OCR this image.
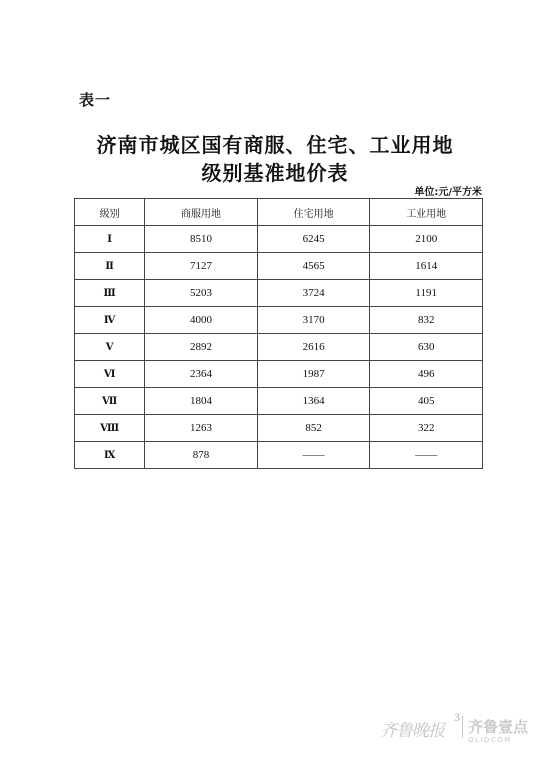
表一
济南市城区国有商服、住宅、工业用地
级别基准地价表
单位:元/平方米
级别	商服用地	住宅用地	工业用地
Ⅰ	8510	6245	2100
Ⅱ	7127	4565	1614
Ⅲ	5203	3724	1191
Ⅳ	4000	3170	832
Ⅴ	2892	2616	630
Ⅵ	2364	1987	496
Ⅶ	1804	1364	405
Ⅷ	1263	852	322
Ⅸ	878	——	——
齐鲁晚报
3
齐鲁壹点
QLIDCOM
